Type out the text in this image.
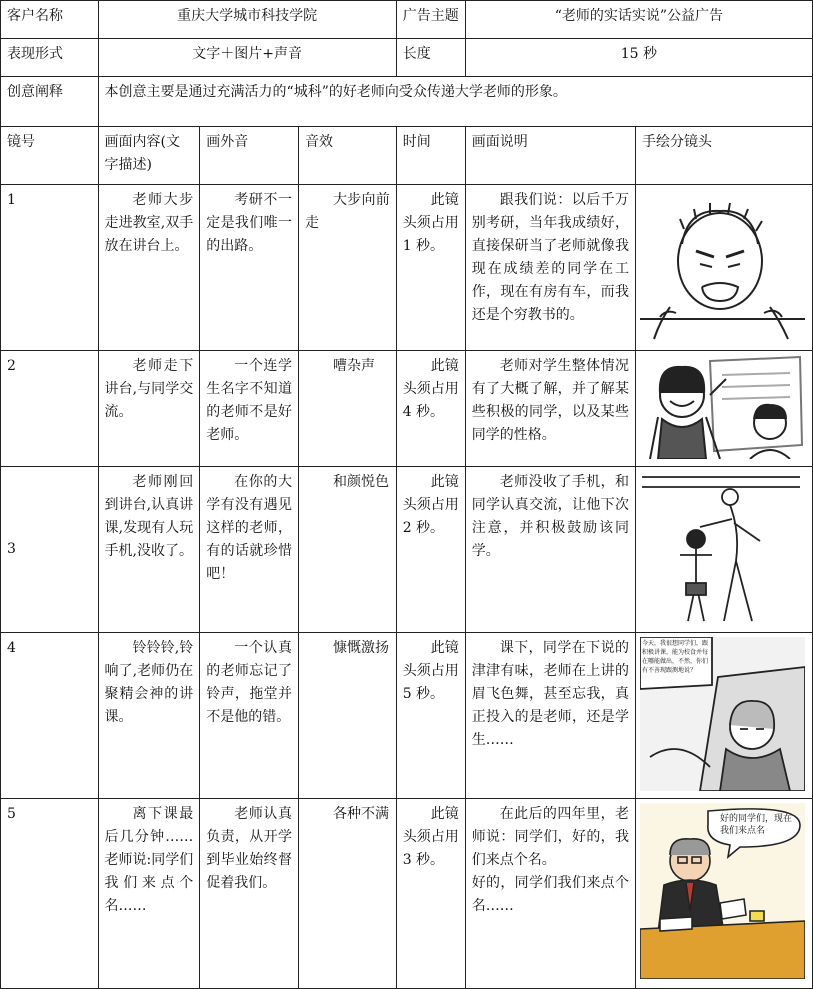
客户名称	重庆大学城市科技学院			广告主题	“老师的实话实说”公益广告	
表现形式	文字＋图片+声音			长度	15 秒	
创意阐释	本创意主要是通过充满活力的“城科”的好老师向受众传递大学老师的形象。					
镜号	画面内容(文字描述)	画外音	音效	时间	画面说明	手绘分镜头
1	老师大步走进教室,双手放在讲台上。	考研不一定是我们唯一的出路。	大步向前走	此镜头须占用 1 秒。	跟我们说：以后千万别考研，当年我成绩好，直接保研当了老师就像我现在成绩差的同学在工作，现在有房有车，而我还是个穷教书的。	

2	老师走下讲台,与同学交流。	一个连学生名字不知道的老师不是好老师。	嘈杂声	此镜头须占用 4 秒。	老师对学生整体情况有了大概了解，并了解某些积极的同学，以及某些同学的性格。	

3	老师刚回到讲台,认真讲课,发现有人玩手机,没收了。	在你的大学有没有遇见这样的老师，有的话就珍惜吧！	和颜悦色	此镜头须占用 2 秒。	老师没收了手机，和同学认真交流，让他下次注意，并积极鼓励该同学。	

4	铃铃铃,铃响了,老师仍在聚精会神的讲课。	一个认真的老师忘记了铃声，拖堂并不是他的错。	慷慨激扬	此镜头须占用 5 秒。	课下，同学在下说的津津有味，老师在上讲的眉飞色舞，甚至忘我，真正投入的是老师，还是学生……	今天，我很想同学们，跟积极讲课，能为校食并每在哪能做出，不然，你们有不善现跟测地说？

5	离下课最后几分钟……老师说:同学们我们来点个名……	老师认真负责，从开学到毕业始终督促着我们。	各种不满	此镜头须占用 3 秒。	在此后的四年里，老师说：同学们，好的，我们来点个名。
好的，同学们我们来点个名……	好的同学们，现在我们来点名
